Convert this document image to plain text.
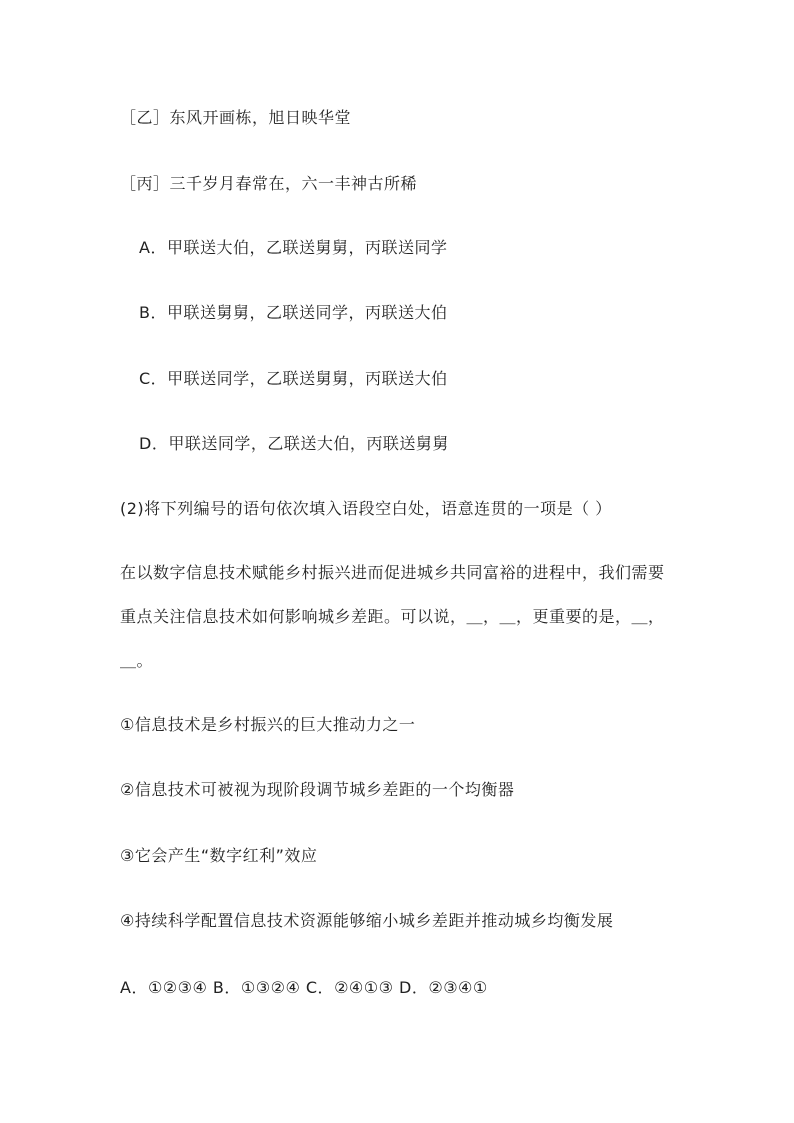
［乙］东风开画栋，旭日映华堂
［丙］三千岁月春常在，六一丰神古所稀
A．甲联送大伯，乙联送舅舅，丙联送同学
B．甲联送舅舅，乙联送同学，丙联送大伯
C．甲联送同学，乙联送舅舅，丙联送大伯
D．甲联送同学，乙联送大伯，丙联送舅舅
(2)将下列编号的语句依次填入语段空白处，语意连贯的一项是（ ）
在以数字信息技术赋能乡村振兴进而促进城乡共同富裕的进程中，我们需要重点关注信息技术如何影响城乡差距。可以说，＿，＿，更重要的是，＿，＿。
①信息技术是乡村振兴的巨大推动力之一
②信息技术可被视为现阶段调节城乡差距的一个均衡器
③它会产生“数字红利”效应
④持续科学配置信息技术资源能够缩小城乡差距并推动城乡均衡发展
A．①②③④ B．①③②④ C．②④①③ D．②③④①
